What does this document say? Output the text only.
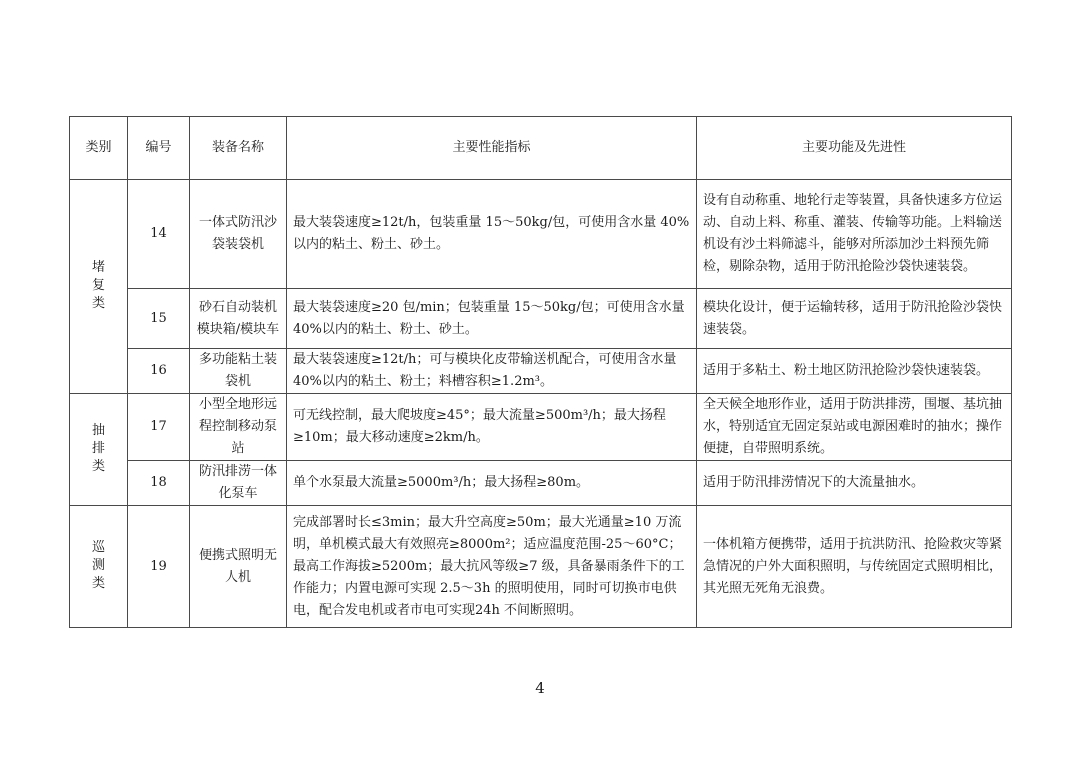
类别	编号	装备名称	主要性能指标	主要功能及先进性
堵复类	14	一体式防汛沙袋装袋机	最大装袋速度≥12t/h，包装重量 15～50kg/包，可使用含水量 40%以内的粘土、粉土、砂土。	设有自动称重、地轮行走等装置，具备快速多方位运动、自动上料、称重、灌装、传输等功能。上料输送机设有沙土料筛滤斗，能够对所添加沙土料预先筛检，剔除杂物，适用于防汛抢险沙袋快速装袋。
	15	砂石自动装机模块箱/模块车	最大装袋速度≥20 包/min；包装重量 15～50kg/包；可使用含水量 40%以内的粘土、粉土、砂土。	模块化设计，便于运输转移，适用于防汛抢险沙袋快速装袋。
	16	多功能粘土装袋机	最大装袋速度≥12t/h；可与模块化皮带输送机配合，可使用含水量 40%以内的粘土、粉土；料槽容积≥1.2m³。	适用于多粘土、粉土地区防汛抢险沙袋快速装袋。
抽排类	17	小型全地形远程控制移动泵站	可无线控制，最大爬坡度≥45°；最大流量≥500m³/h；最大扬程≥10m；最大移动速度≥2km/h。	全天候全地形作业，适用于防洪排涝，围堰、基坑抽水，特别适宜无固定泵站或电源困难时的抽水；操作便捷，自带照明系统。
	18	防汛排涝一体化泵车	单个水泵最大流量≥5000m³/h；最大扬程≥80m。	适用于防汛排涝情况下的大流量抽水。
巡测类	19	便携式照明无人机	完成部署时长≤3min；最大升空高度≥50m；最大光通量≥10 万流明，单机模式最大有效照亮≥8000m²；适应温度范围-25～60°C；最高工作海拔≥5200m；最大抗风等级≥7 级，具备暴雨条件下的工作能力；内置电源可实现 2.5～3h 的照明使用，同时可切换市电供电，配合发电机或者市电可实现24h 不间断照明。	一体机箱方便携带，适用于抗洪防汛、抢险救灾等紧急情况的户外大面积照明，与传统固定式照明相比，其光照无死角无浪费。
4
